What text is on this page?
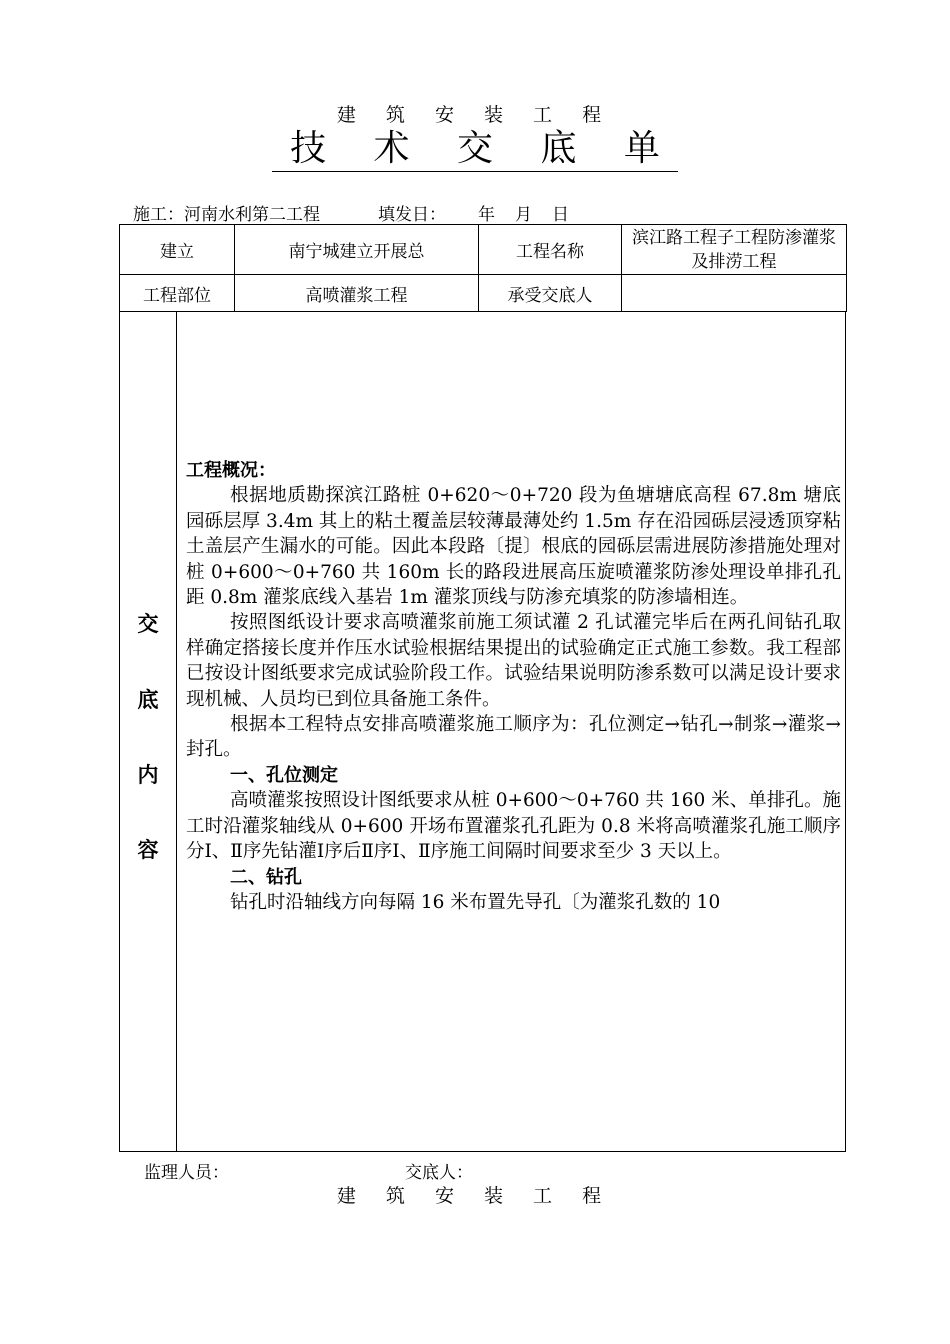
建 筑 安 装 工 程
技 术 交 底 单
施工：河南水利第二工程	填发日： 年 月 日
建立	南宁城建立开展总	工程名称	滨江路工程子工程防渗灌浆及排涝工程
工程部位	高喷灌浆工程	承受交底人	
交
底
内
容

工程概况：

根据地质勘探滨江路桩 0+620～0+720 段为鱼塘塘底高程 67.8m 塘底园砾层厚 3.4m 其上的粘土覆盖层较薄最薄处约 1.5m 存在沿园砾层浸透顶穿粘土盖层产生漏水的可能。因此本段路〔提〕根底的园砾层需进展防渗措施处理对桩 0+600～0+760 共 160m 长的路段进展高压旋喷灌浆防渗处理设单排孔孔距 0.8m 灌浆底线入基岩 1m 灌浆顶线与防渗充填浆的防渗墙相连。

按照图纸设计要求高喷灌浆前施工须试灌 2 孔试灌完毕后在两孔间钻孔取样确定搭接长度并作压水试验根据结果提出的试验确定正式施工参数。我工程部已按设计图纸要求完成试验阶段工作。试验结果说明防渗系数可以满足设计要求现机械、人员均已到位具备施工条件。

根据本工程特点安排高喷灌浆施工顺序为：孔位测定→钻孔→制浆→灌浆→封孔。

一、孔位测定

高喷灌浆按照设计图纸要求从桩 0+600～0+760 共 160 米、单排孔。施工时沿灌浆轴线从 0+600 开场布置灌浆孔孔距为 0.8 米将高喷灌浆孔施工顺序分Ⅰ、Ⅱ序先钻灌Ⅰ序后Ⅱ序Ⅰ、Ⅱ序施工间隔时间要求至少 3 天以上。

二、钻孔

钻孔时沿轴线方向每隔 16 米布置先导孔〔为灌浆孔数的 10

监理人员：	交底人：
建 筑 安 装 工 程
